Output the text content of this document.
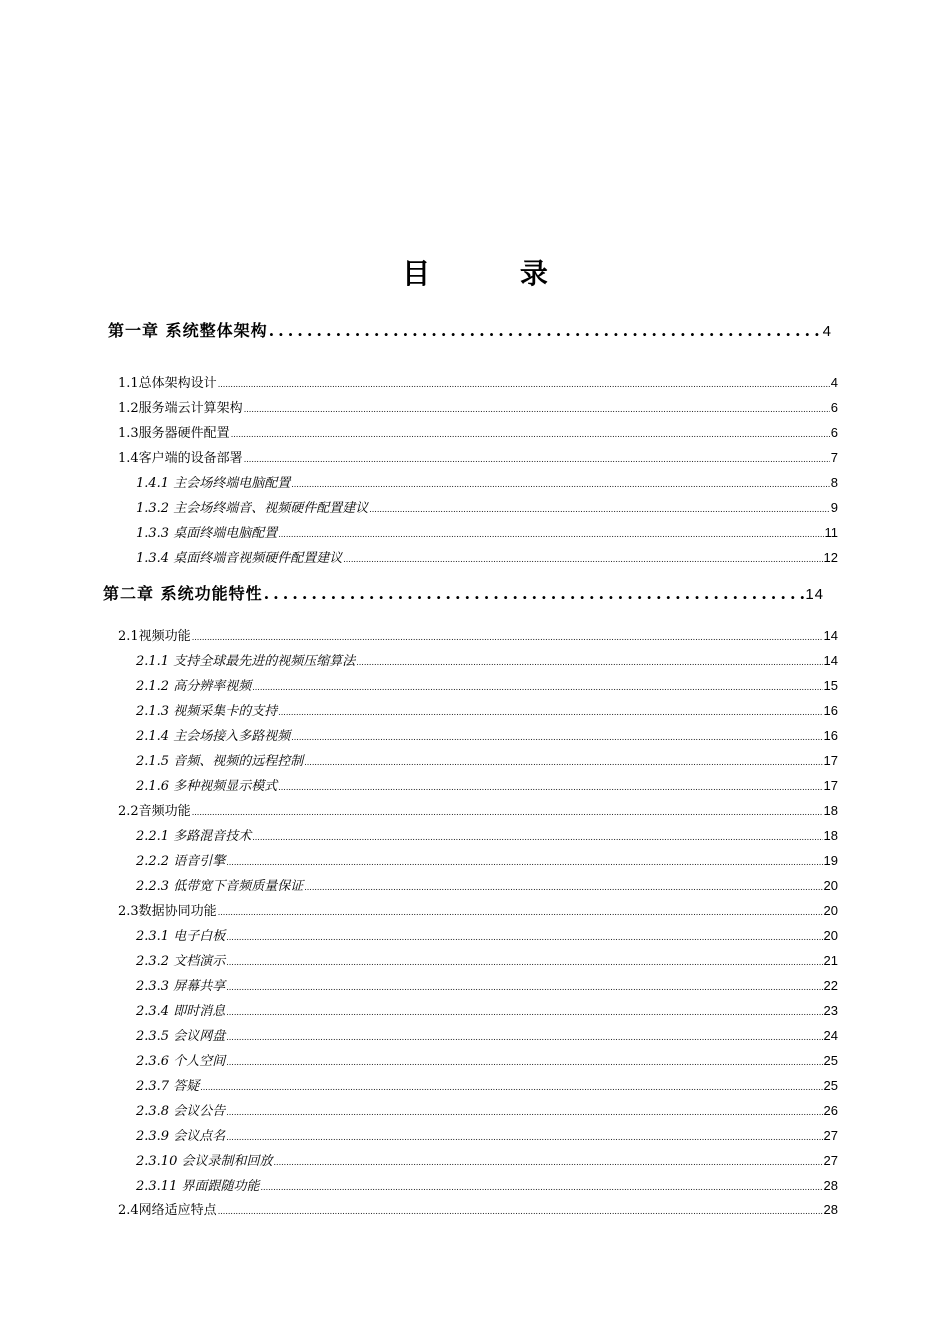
目 录
第一章 系统整体架构 .....	4
1.1总体架构设计 .....	4
1.2服务端云计算架构 .....	6
1.3服务器硬件配置 .....	6
1.4客户端的设备部署 .....	7
1.4.1 主会场终端电脑配置 .....	8
1.3.2 主会场终端音、视频硬件配置建议 .....	9
1.3.3 桌面终端电脑配置 .....	11
1.3.4 桌面终端音视频硬件配置建议 .....	12
第二章 系统功能特性 .....	14
2.1视频功能 .....	14
2.1.1 支持全球最先进的视频压缩算法 .....	14
2.1.2 高分辨率视频 .....	15
2.1.3 视频采集卡的支持 .....	16
2.1.4 主会场接入多路视频 .....	16
2.1.5 音频、视频的远程控制 .....	17
2.1.6 多种视频显示模式 .....	17
2.2音频功能 .....	18
2.2.1 多路混音技术 .....	18
2.2.2 语音引擎 .....	19
2.2.3 低带宽下音频质量保证 .....	20
2.3数据协同功能 .....	20
2.3.1 电子白板 .....	20
2.3.2 文档演示 .....	21
2.3.3 屏幕共享 .....	22
2.3.4 即时消息 .....	23
2.3.5 会议网盘 .....	24
2.3.6 个人空间 .....	25
2.3.7 答疑 .....	25
2.3.8 会议公告 .....	26
2.3.9 会议点名 .....	27
2.3.10 会议录制和回放 .....	27
2.3.11 界面跟随功能 .....	28
2.4网络适应特点 .....	28
